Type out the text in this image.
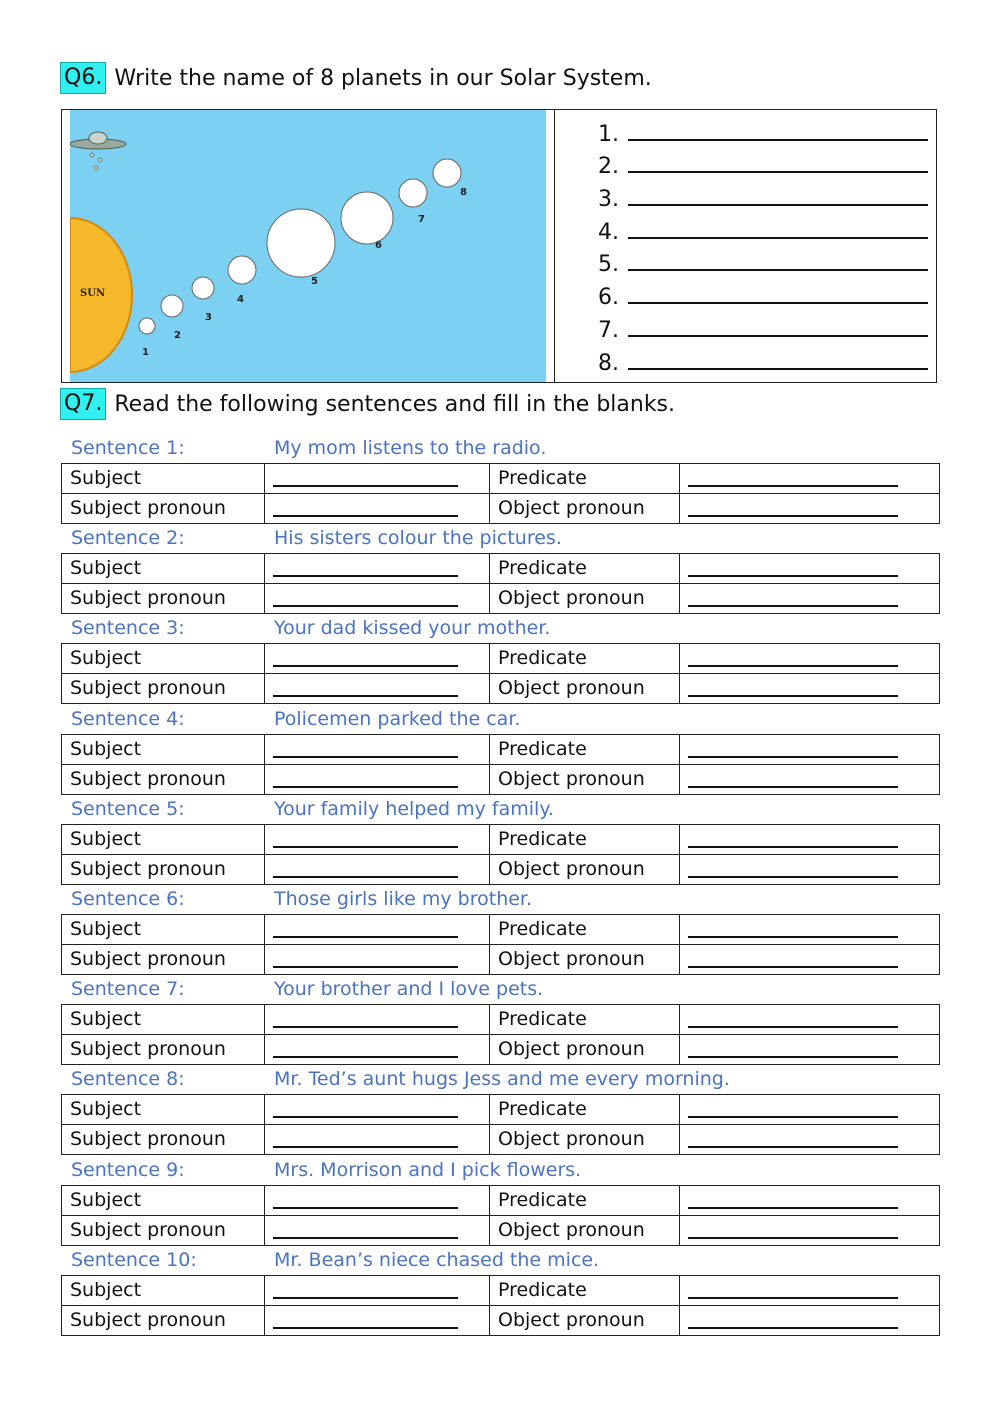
Q6. Write the name of 8 planets in our Solar System.
SUN
1
2
3
4
5
6
7
8
1.
2.
3.
4.
5.
6.
7.
8.
Q7. Read the following sentences and fill in the blanks.
Sentence 1:	My mom listens to the radio.
Subject		Predicate	
Subject pronoun		Object pronoun	
Sentence 2:	His sisters colour the pictures.
Subject		Predicate	
Subject pronoun		Object pronoun	
Sentence 3:	Your dad kissed your mother.
Subject		Predicate	
Subject pronoun		Object pronoun	
Sentence 4:	Policemen parked the car.
Subject		Predicate	
Subject pronoun		Object pronoun	
Sentence 5:	Your family helped my family.
Subject		Predicate	
Subject pronoun		Object pronoun	
Sentence 6:	Those girls like my brother.
Subject		Predicate	
Subject pronoun		Object pronoun	
Sentence 7:	Your brother and I love pets.
Subject		Predicate	
Subject pronoun		Object pronoun	
Sentence 8:	Mr. Ted’s aunt hugs Jess and me every morning.
Subject		Predicate	
Subject pronoun		Object pronoun	
Sentence 9:	Mrs. Morrison and I pick flowers.
Subject		Predicate	
Subject pronoun		Object pronoun	
Sentence 10:	Mr. Bean’s niece chased the mice.
Subject		Predicate	
Subject pronoun		Object pronoun	
